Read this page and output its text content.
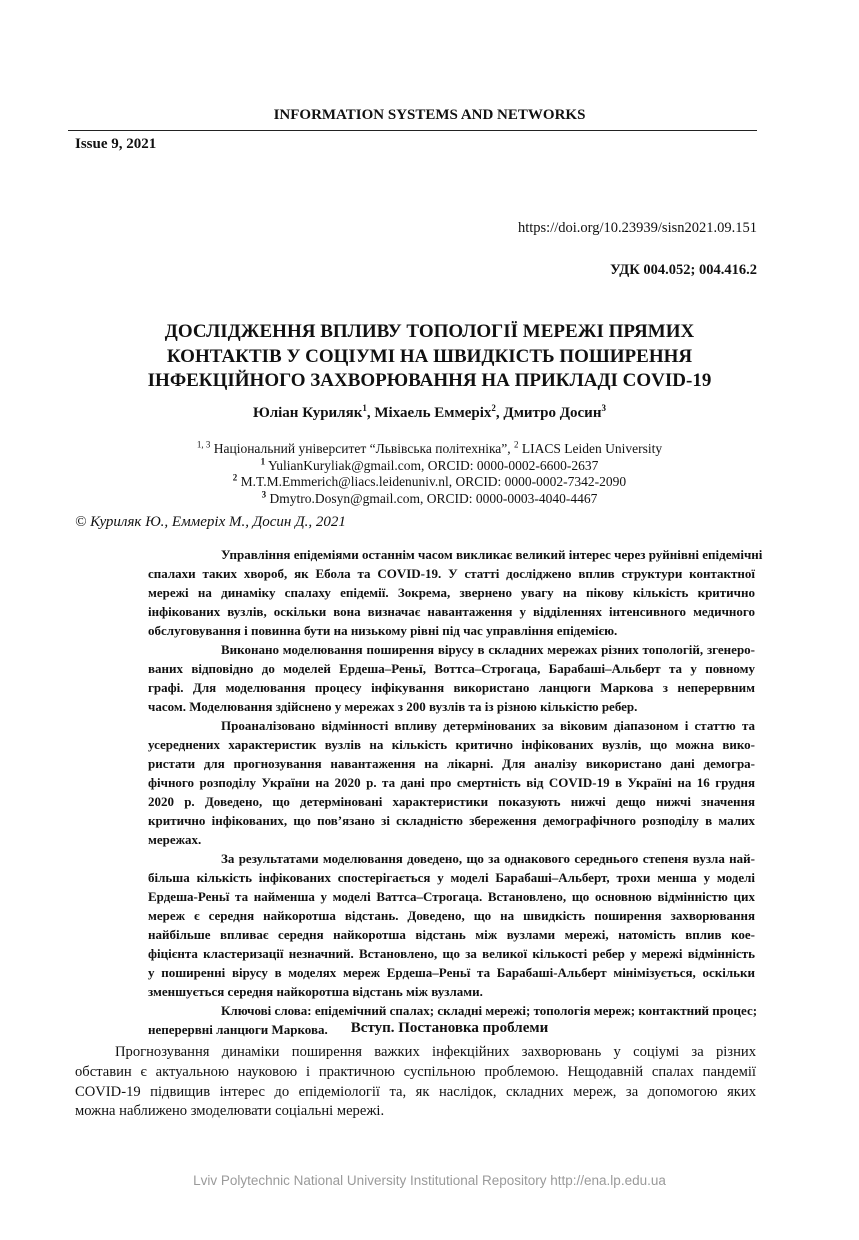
INFORMATION SYSTEMS AND NETWORKS
Issue 9, 2021
https://doi.org/10.23939/sisn2021.09.151
УДК 004.052; 004.416.2
ДОСЛІДЖЕННЯ ВПЛИВУ ТОПОЛОГІЇ МЕРЕЖІ ПРЯМИХ
КОНТАКТІВ У СОЦІУМІ НА ШВИДКІСТЬ ПОШИРЕННЯ
ІНФЕКЦІЙНОГО ЗАХВОРЮВАННЯ НА ПРИКЛАДІ COVID-19
Юліан Куриляк$^1$, Міхаель Еммеріх$^2$, Дмитро Досин$^3$
$^{1, 3}$ Національний університет “Львівська політехніка”, $^2$ LIACS Leiden University
$^1$ YulianKuryliak@gmail.com, ORCID: 0000-0002-6600-2637
$^2$ M.T.M.Emmerich@liacs.leidenuniv.nl, ORCID: 0000-0002-7342-2090
$^3$ Dmytro.Dosyn@gmail.com, ORCID: 0000-0003-4040-4467
© Куриляк Ю., Еммеріх М., Досин Д., 2021
Управління епідеміями останнім часом викликає великий інтерес через руйнівні епідемічні
спалахи таких хвороб, як Ебола та COVID-19. У статті досліджено вплив структури контактної
мережі на динаміку спалаху епідемії. Зокрема, звернено увагу на пікову кількість критично
інфікованих вузлів, оскільки вона визначає навантаження у відділеннях інтенсивного медичного
обслуговування і повинна бути на низькому рівні під час управління епідемією.
Виконано моделювання поширення вірусу в складних мережах різних топологій, згенеро-
ваних відповідно до моделей Ердеша–Реньї, Воттса–Строгаца, Барабаші–Альберт та у повному
графі. Для моделювання процесу інфікування використано ланцюги Маркова з неперервним
часом. Моделювання здійснено у мережах з 200 вузлів та із різною кількістю ребер.
Проаналізовано відмінності впливу детермінованих за віковим діапазоном і статтю та
усереднених характеристик вузлів на кількість критично інфікованих вузлів, що можна вико-
ристати для прогнозування навантаження на лікарні. Для аналізу використано дані демогра-
фічного розподілу України на 2020 р. та дані про смертність від COVID-19 в Україні на 16 грудня
2020 р. Доведено, що детерміновані характеристики показують нижчі дещо нижчі значення
критично інфікованих, що пов’язано зі складністю збереження демографічного розподілу в малих
мережах.
За результатами моделювання доведено, що за однакового середнього степеня вузла най-
більша кількість інфікованих спостерігається у моделі Барабаші–Альберт, трохи менша у моделі
Ердеша-Реньї та найменша у моделі Ваттса–Строгаца. Встановлено, що основною відмінністю цих
мереж є середня найкоротша відстань. Доведено, що на швидкість поширення захворювання
найбільше впливає середня найкоротша відстань між вузлами мережі, натомість вплив кое-
фіцієнта кластеризації незначний. Встановлено, що за великої кількості ребер у мережі відмінність
у поширенні вірусу в моделях мереж Ердеша–Реньї та Барабаші-Альберт мінімізується, оскільки
зменшується середня найкоротша відстань між вузлами.
Ключові слова: епідемічний спалах; складні мережі; топологія мереж; контактний процес;
неперервні ланцюги Маркова.	Вступ. Постановка проблеми
Прогнозування динаміки поширення важких інфекційних захворювань у соціумі за різних
обставин є актуальною науковою і практичною суспільною проблемою. Нещодавній спалах пандемії
COVID-19 підвищив інтерес до епідеміології та, як наслідок, складних мереж, за допомогою яких
можна наближено змоделювати соціальні мережі.
Lviv Polytechnic National University Institutional Repository http://ena.lp.edu.ua
